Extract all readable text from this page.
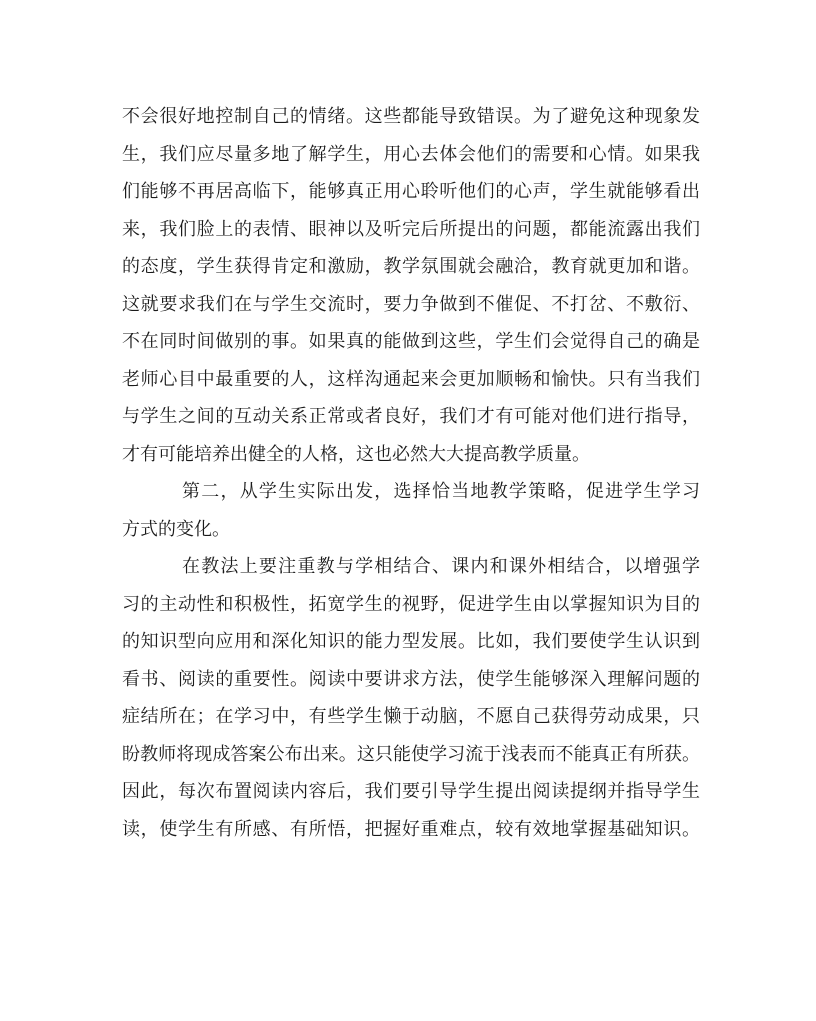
不会很好地控制自己的情绪。这些都能导致错误。为了避免这种现象发
生，我们应尽量多地了解学生，用心去体会他们的需要和心情。如果我
们能够不再居高临下，能够真正用心聆听他们的心声，学生就能够看出
来，我们脸上的表情、眼神以及听完后所提出的问题，都能流露出我们
的态度，学生获得肯定和激励，教学氛围就会融洽，教育就更加和谐。
这就要求我们在与学生交流时，要力争做到不催促、不打岔、不敷衍、
不在同时间做别的事。如果真的能做到这些，学生们会觉得自己的确是
老师心目中最重要的人，这样沟通起来会更加顺畅和愉快。只有当我们
与学生之间的互动关系正常或者良好，我们才有可能对他们进行指导，
才有可能培养出健全的人格，这也必然大大提高教学质量。
第二，从学生实际出发，选择恰当地教学策略，促进学生学习
方式的变化。
在教法上要注重教与学相结合、课内和课外相结合，以增强学
习的主动性和积极性，拓宽学生的视野，促进学生由以掌握知识为目的
的知识型向应用和深化知识的能力型发展。比如，我们要使学生认识到
看书、阅读的重要性。阅读中要讲求方法，使学生能够深入理解问题的
症结所在；在学习中，有些学生懒于动脑，不愿自己获得劳动成果，只
盼教师将现成答案公布出来。这只能使学习流于浅表而不能真正有所获。
因此，每次布置阅读内容后，我们要引导学生提出阅读提纲并指导学生
读，使学生有所感、有所悟，把握好重难点，较有效地掌握基础知识。
